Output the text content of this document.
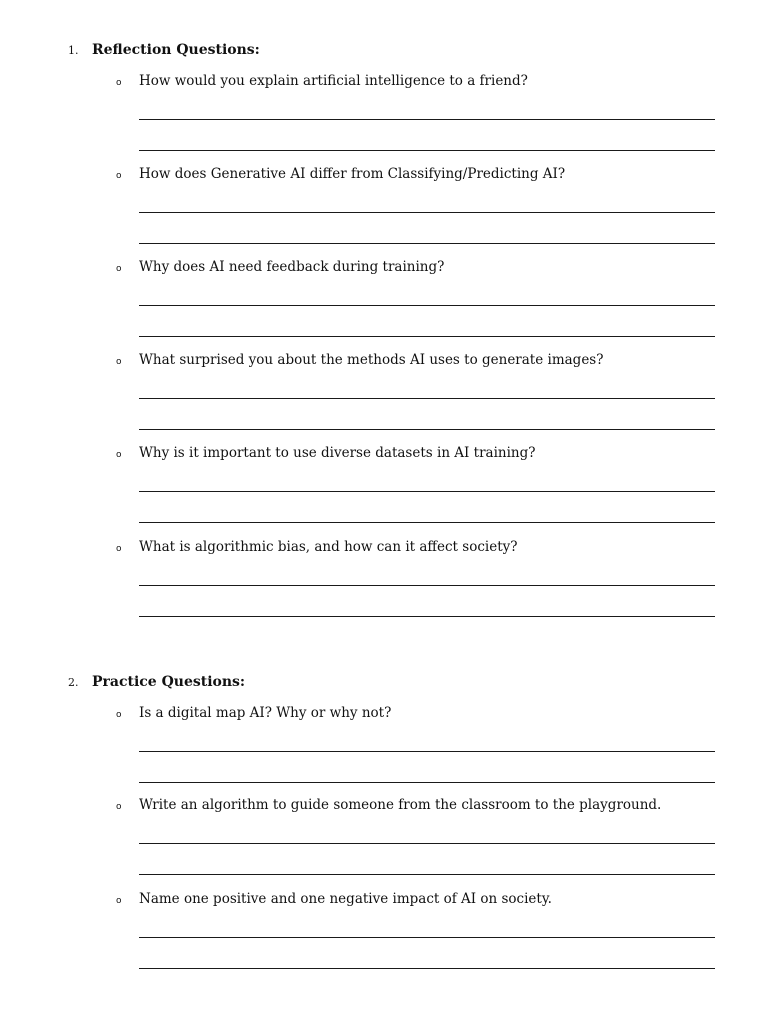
1. Reflection Questions:
o How would you explain artificial intelligence to a friend?
o How does Generative AI differ from Classifying/Predicting AI?
o Why does AI need feedback during training?
o What surprised you about the methods AI uses to generate images?
o Why is it important to use diverse datasets in AI training?
o What is algorithmic bias, and how can it affect society?
2. Practice Questions:
o Is a digital map AI? Why or why not?
o Write an algorithm to guide someone from the classroom to the playground.
o Name one positive and one negative impact of AI on society.
